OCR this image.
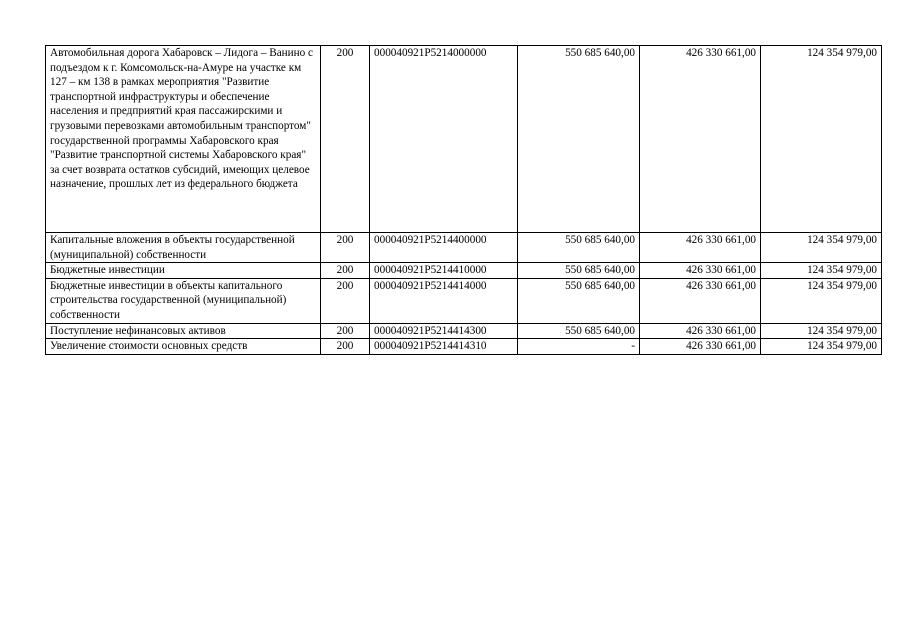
Автомобильная дорога Хабаровск – Лидога – Ванино с подъездом к г. Комсомольск-на-Амуре на участке км 127 – км 138 в рамках мероприятия "Развитие транспортной инфраструктуры и обеспечение населения и предприятий края пассажирскими и грузовыми перевозками автомобильным транспортом" государственной программы Хабаровского края "Развитие транспортной системы Хабаровского края" за счет возврата остатков субсидий, имеющих целевое назначение, прошлых лет из федерального бюджета	200	000040921Р5214000000	550 685 640,00	426 330 661,00	124 354 979,00
Капитальные вложения в объекты государственной (муниципальной) собственности	200	000040921Р5214400000	550 685 640,00	426 330 661,00	124 354 979,00
Бюджетные инвестиции	200	000040921Р5214410000	550 685 640,00	426 330 661,00	124 354 979,00
Бюджетные инвестиции в объекты капитального строительства государственной (муниципальной) собственности	200	000040921Р5214414000	550 685 640,00	426 330 661,00	124 354 979,00
Поступление нефинансовых активов	200	000040921Р5214414300	550 685 640,00	426 330 661,00	124 354 979,00
Увеличение стоимости основных средств	200	000040921Р5214414310	-	426 330 661,00	124 354 979,00
